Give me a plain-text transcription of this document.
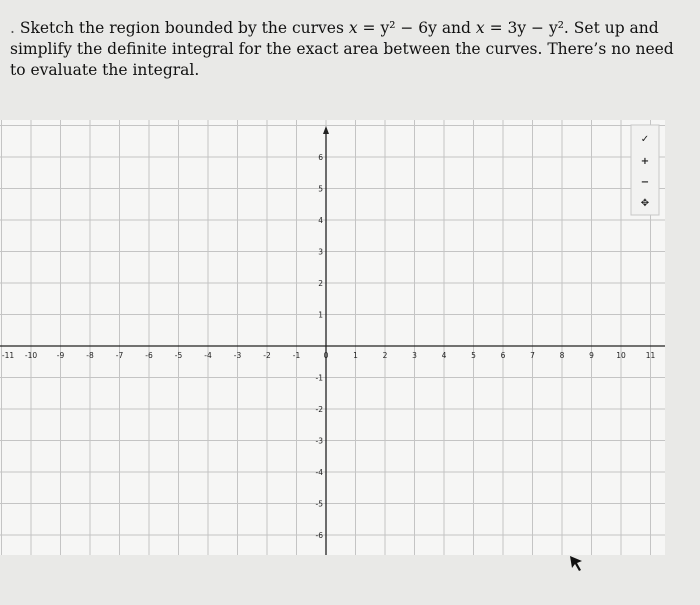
. Sketch the region bounded by the curves x = y² − 6y and x = 3y − y². Set up and simplify the definite integral for the exact area between the curves. There’s no need to evaluate the integral.

-11 -10	-9	-8	-7	-6	-5	-4	-3	-2	-1	0	1	2	3	4	5	6	7	8	9	10	11
6
5
4
3
2
1
-1
-2
-3
-4
-5
-6
✓
+
−
✥
